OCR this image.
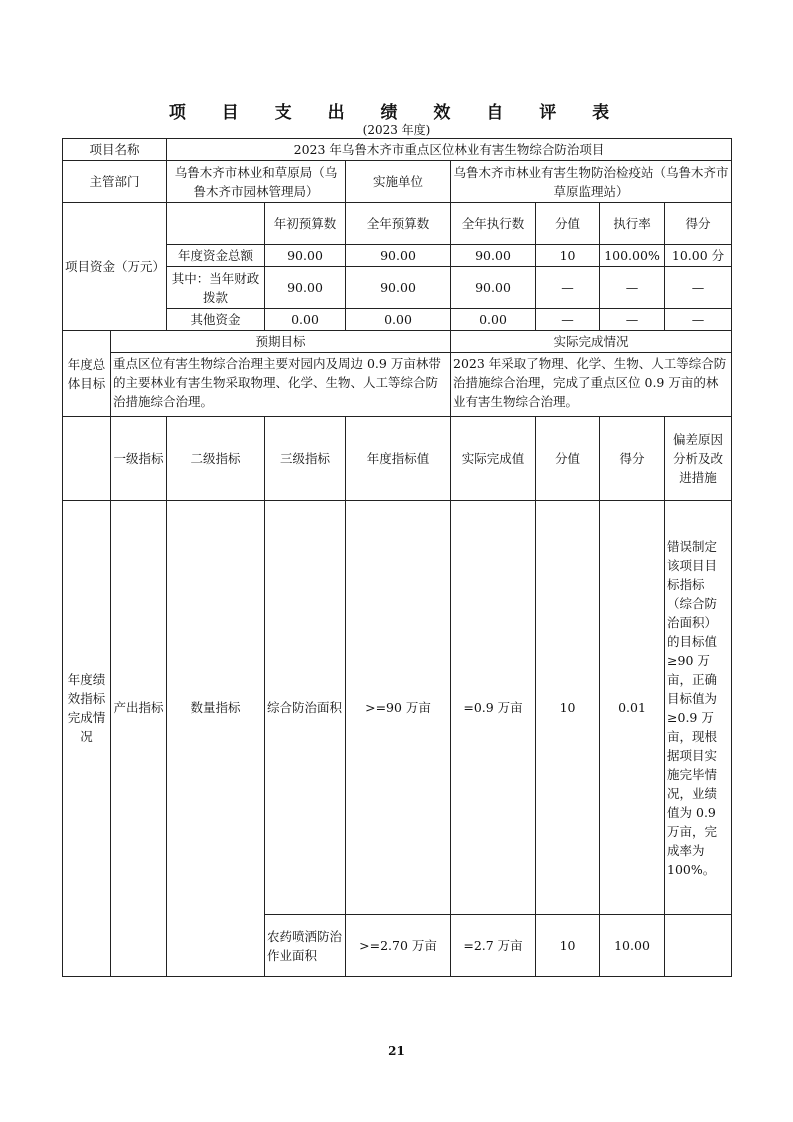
项 目 支 出 绩 效 自 评 表
(2023 年度)
项目名称		2023 年乌鲁木齐市重点区位林业有害生物综合防治项目						
主管部门		乌鲁木齐市林业和草原局（乌鲁木齐市园林管理局）		实施单位	乌鲁木齐市林业有害生物防治检疫站（乌鲁木齐市草原监理站）			
项目资金（万元）			年初预算数	全年预算数	全年执行数	分值	执行率	得分
		年度资金总额	90.00	90.00	90.00	10	100.00%	10.00 分
		其中：当年财政拨款	90.00	90.00	90.00	—	—	—
		其他资金	0.00	0.00	0.00	—	—	—
年度总体目标	预期目标				实际完成情况			
	重点区位有害生物综合治理主要对园内及周边 0.9 万亩林带的主要林业有害生物采取物理、化学、生物、人工等综合防治措施综合治理。				2023 年采取了物理、化学、生物、人工等综合防治措施综合治理，完成了重点区位 0.9 万亩的林业有害生物综合治理。			
	一级指标	二级指标	三级指标	年度指标值	实际完成值	分值	得分	偏差原因分析及改进措施
年度绩效指标完成情况	产出指标	数量指标	综合防治面积	>=90 万亩	=0.9 万亩	10	0.01	错误制定该项目目标指标（综合防治面积）的目标值≥90 万亩，正确目标值为≥0.9 万亩，现根据项目实施完毕情况，业绩值为 0.9 万亩，完成率为 100%。
			农药喷洒防治作业面积	>=2.70 万亩	=2.7 万亩	10	10.00	
21
